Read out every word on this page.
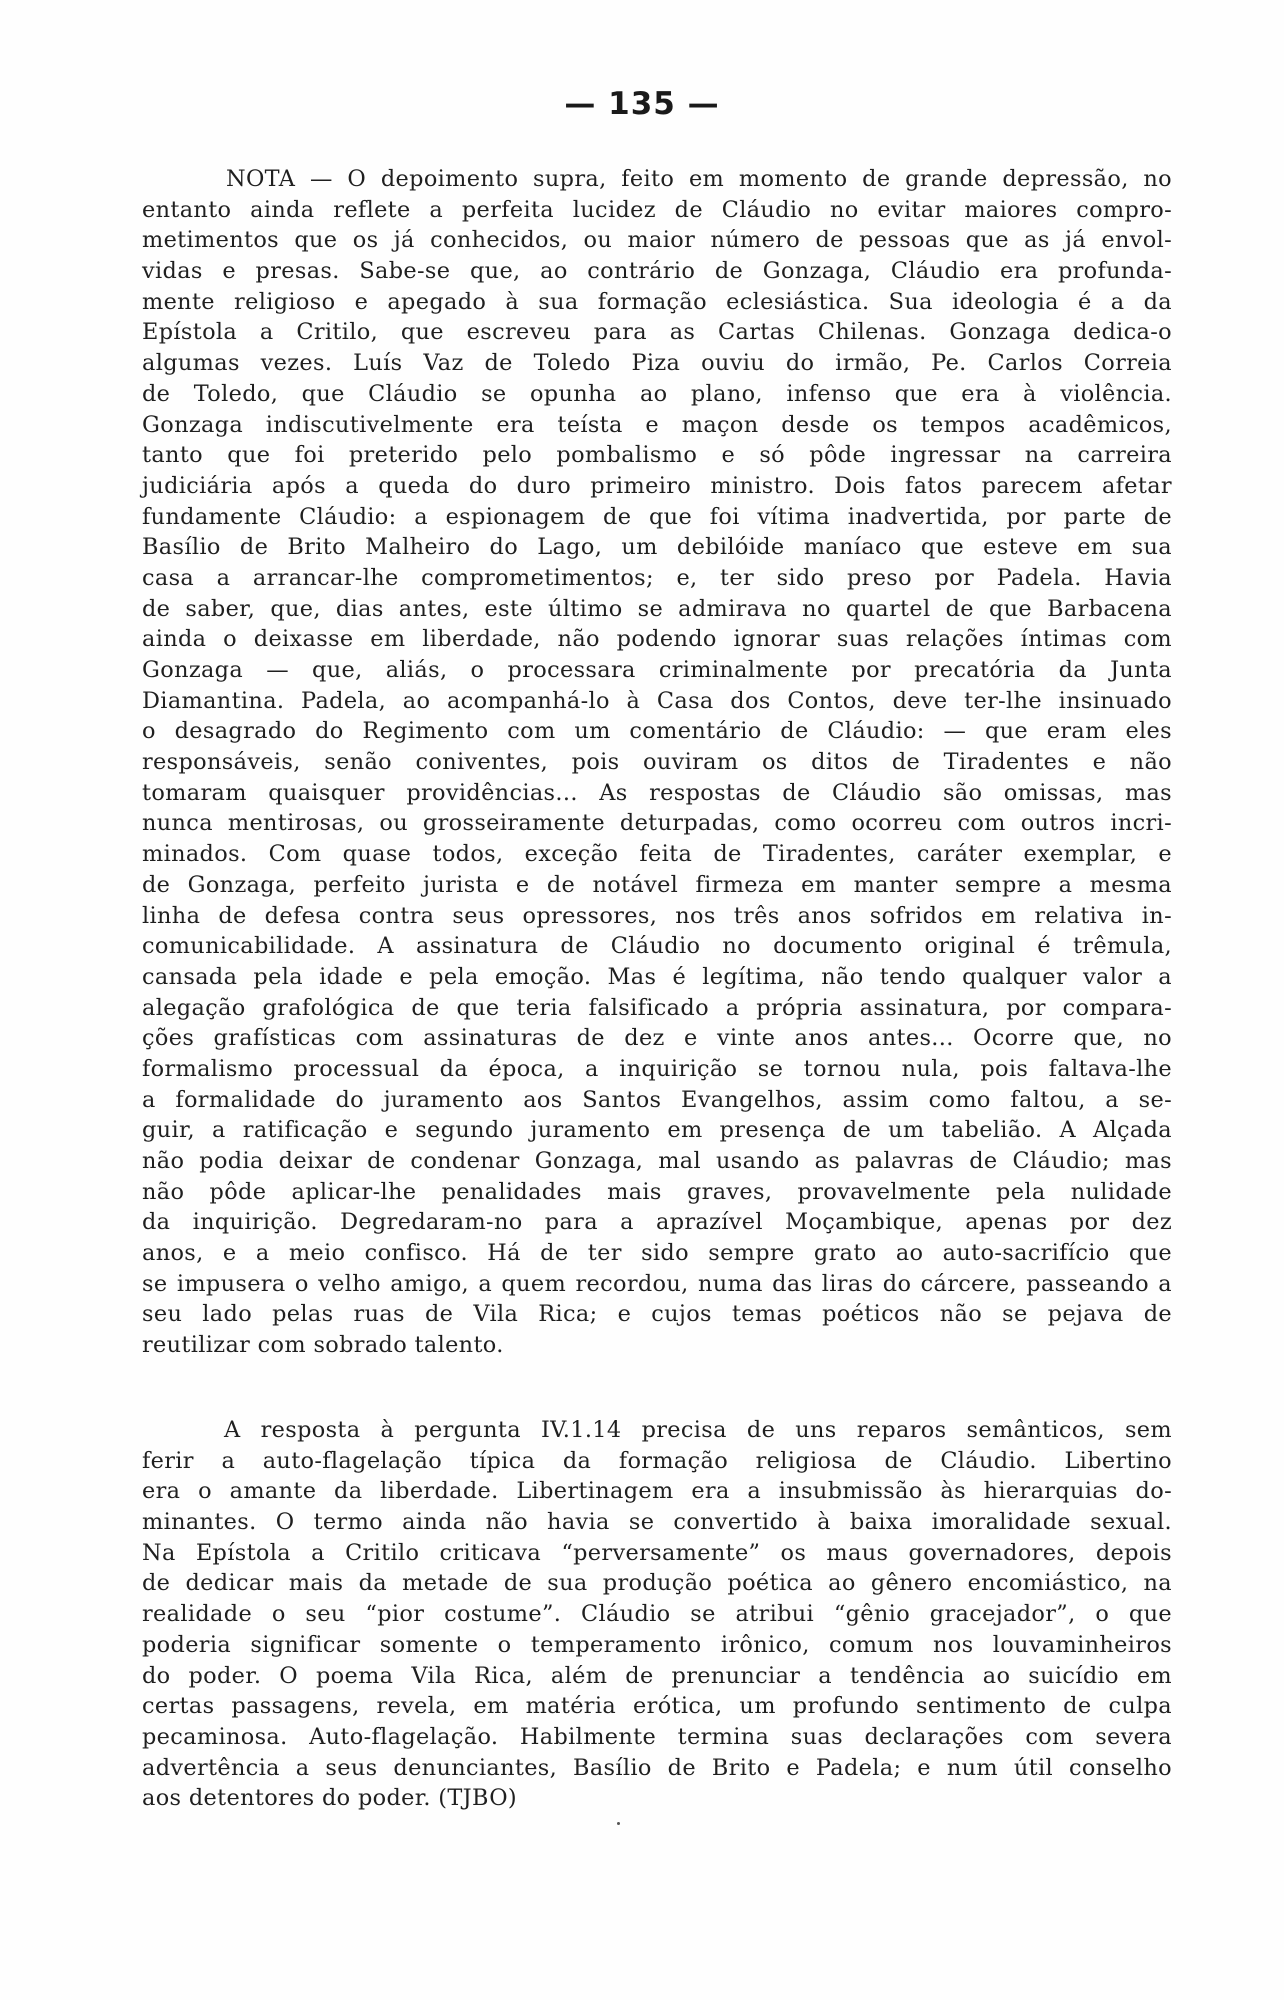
— 135 —
NOTA — O depoimento supra, feito em momento de grande depressão, no
entanto ainda reflete a perfeita lucidez de Cláudio no evitar maiores compro-
metimentos que os já conhecidos, ou maior número de pessoas que as já envol-
vidas e presas. Sabe-se que, ao contrário de Gonzaga, Cláudio era profunda-
mente religioso e apegado à sua formação eclesiástica. Sua ideologia é a da
Epístola a Critilo, que escreveu para as Cartas Chilenas. Gonzaga dedica-o
algumas vezes. Luís Vaz de Toledo Piza ouviu do irmão, Pe. Carlos Correia
de Toledo, que Cláudio se opunha ao plano, infenso que era à violência.
Gonzaga indiscutivelmente era teísta e maçon desde os tempos acadêmicos,
tanto que foi preterido pelo pombalismo e só pôde ingressar na carreira
judiciária após a queda do duro primeiro ministro. Dois fatos parecem afetar
fundamente Cláudio: a espionagem de que foi vítima inadvertida, por parte de
Basílio de Brito Malheiro do Lago, um debilóide maníaco que esteve em sua
casa a arrancar-lhe comprometimentos; e, ter sido preso por Padela. Havia
de saber, que, dias antes, este último se admirava no quartel de que Barbacena
ainda o deixasse em liberdade, não podendo ignorar suas relações íntimas com
Gonzaga — que, aliás, o processara criminalmente por precatória da Junta
Diamantina. Padela, ao acompanhá-lo à Casa dos Contos, deve ter-lhe insinuado
o desagrado do Regimento com um comentário de Cláudio: — que eram eles
responsáveis, senão coniventes, pois ouviram os ditos de Tiradentes e não
tomaram quaisquer providências... As respostas de Cláudio são omissas, mas
nunca mentirosas, ou grosseiramente deturpadas, como ocorreu com outros incri-
minados. Com quase todos, exceção feita de Tiradentes, caráter exemplar, e
de Gonzaga, perfeito jurista e de notável firmeza em manter sempre a mesma
linha de defesa contra seus opressores, nos três anos sofridos em relativa in-
comunicabilidade. A assinatura de Cláudio no documento original é trêmula,
cansada pela idade e pela emoção. Mas é legítima, não tendo qualquer valor a
alegação grafológica de que teria falsificado a própria assinatura, por compara-
ções grafísticas com assinaturas de dez e vinte anos antes... Ocorre que, no
formalismo processual da época, a inquirição se tornou nula, pois faltava-lhe
a formalidade do juramento aos Santos Evangelhos, assim como faltou, a se-
guir, a ratificação e segundo juramento em presença de um tabelião. A Alçada
não podia deixar de condenar Gonzaga, mal usando as palavras de Cláudio; mas
não pôde aplicar-lhe penalidades mais graves, provavelmente pela nulidade
da inquirição. Degredaram-no para a aprazível Moçambique, apenas por dez
anos, e a meio confisco. Há de ter sido sempre grato ao auto-sacrifício que
se impusera o velho amigo, a quem recordou, numa das liras do cárcere, passeando a
seu lado pelas ruas de Vila Rica; e cujos temas poéticos não se pejava de
reutilizar com sobrado talento.
A resposta à pergunta IV.1.14 precisa de uns reparos semânticos, sem
ferir a auto-flagelação típica da formação religiosa de Cláudio. Libertino
era o amante da liberdade. Libertinagem era a insubmissão às hierarquias do-
minantes. O termo ainda não havia se convertido à baixa imoralidade sexual.
Na Epístola a Critilo criticava “perversamente” os maus governadores, depois
de dedicar mais da metade de sua produção poética ao gênero encomiástico, na
realidade o seu “pior costume”. Cláudio se atribui “gênio gracejador”, o que
poderia significar somente o temperamento irônico, comum nos louvaminheiros
do poder. O poema Vila Rica, além de prenunciar a tendência ao suicídio em
certas passagens, revela, em matéria erótica, um profundo sentimento de culpa
pecaminosa. Auto-flagelação. Habilmente termina suas declarações com severa
advertência a seus denunciantes, Basílio de Brito e Padela; e num útil conselho
aos detentores do poder. (TJBO)
